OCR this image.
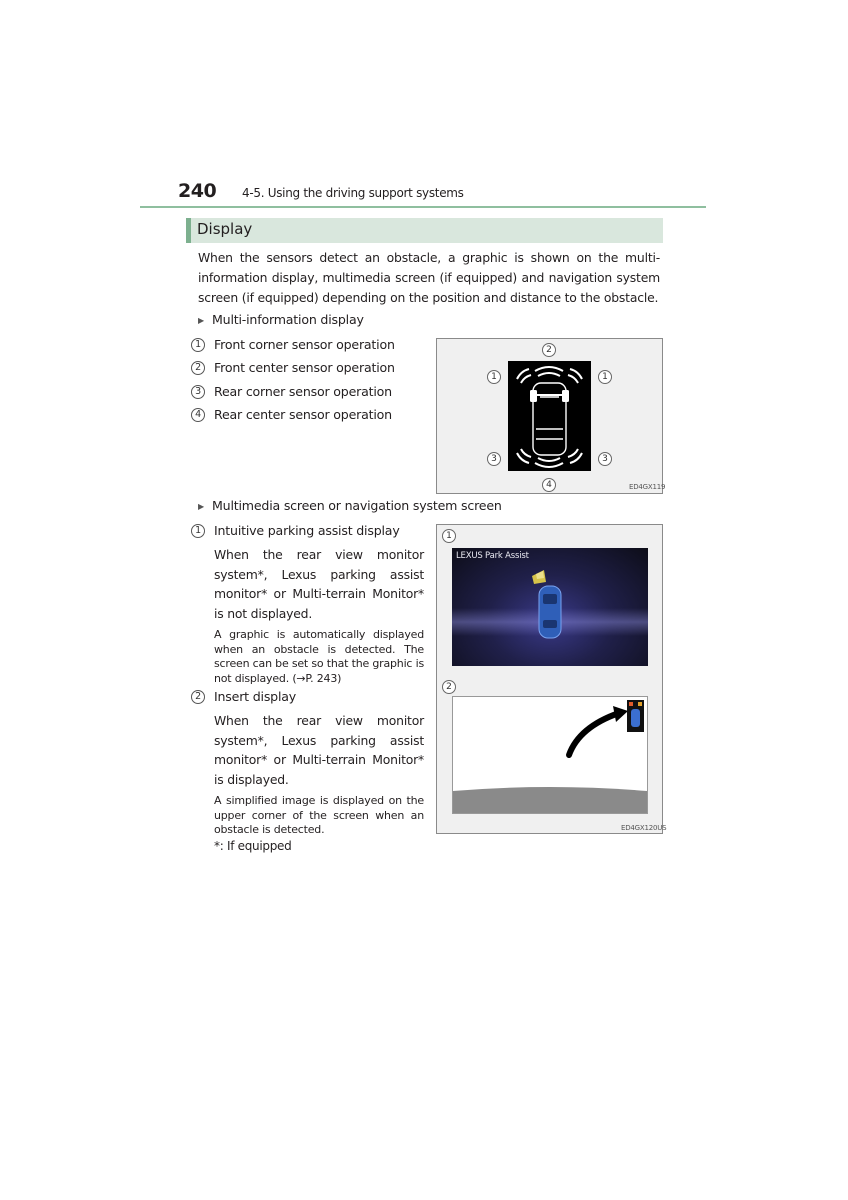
240 4-5. Using the driving support systems
Display
When the sensors detect an obstacle, a graphic is shown on the multi-information display, multimedia screen (if equipped) and navigation system screen (if equipped) depending on the position and distance to the obstacle.
▶ Multi-information display
1	Front corner sensor operation
2	Front center sensor operation
3	Rear corner sensor operation
4	Rear center sensor operation
2
1	1
3	3
4	ED4GX119
▶ Multimedia screen or navigation system screen
1	Intuitive parking assist display
When the rear view monitor system*, Lexus parking assist monitor* or Multi-terrain Monitor* is not displayed.
A graphic is automatically displayed when an obstacle is detected. The screen can be set so that the graphic is not displayed. (→P. 243)
2	Insert display
When the rear view monitor system*, Lexus parking assist monitor* or Multi-terrain Monitor* is displayed.
A simplified image is displayed on the upper corner of the screen when an obstacle is detected.
*: If equipped
1
LEXUS Park Assist
2
ED4GX120US
